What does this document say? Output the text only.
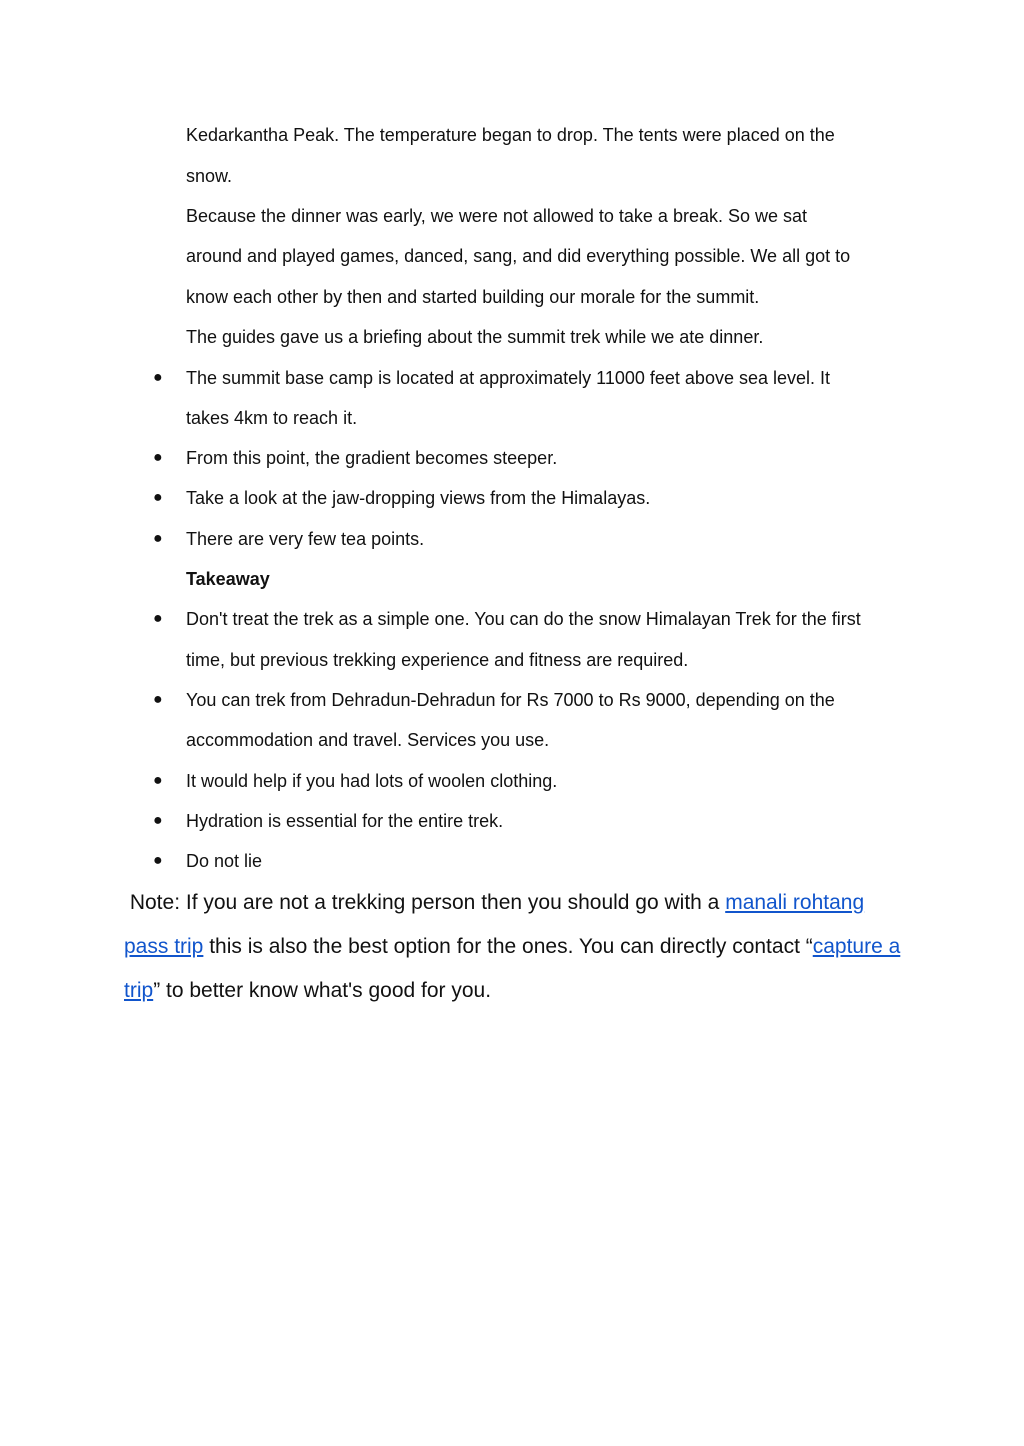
Kedarkantha Peak. The temperature began to drop. The tents were placed on the

snow.

Because the dinner was early, we were not allowed to take a break. So we sat

around and played games, danced, sang, and did everything possible. We all got to

know each other by then and started building our morale for the summit.

The guides gave us a briefing about the summit trek while we ate dinner.

● The summit base camp is located at approximately 11000 feet above sea level. It

takes 4km to reach it.

● From this point, the gradient becomes steeper.

● Take a look at the jaw-dropping views from the Himalayas.

● There are very few tea points.

Takeaway

● Don't treat the trek as a simple one. You can do the snow Himalayan Trek for the first

time, but previous trekking experience and fitness are required.

● You can trek from Dehradun-Dehradun for Rs 7000 to Rs 9000, depending on the

accommodation and travel. Services you use.

● It would help if you had lots of woolen clothing.

● Hydration is essential for the entire trek.

● Do not lie

Note: If you are not a trekking person then you should go with a manali rohtang

pass trip this is also the best option for the ones. You can directly contact “capture a

trip” to better know what's good for you.
